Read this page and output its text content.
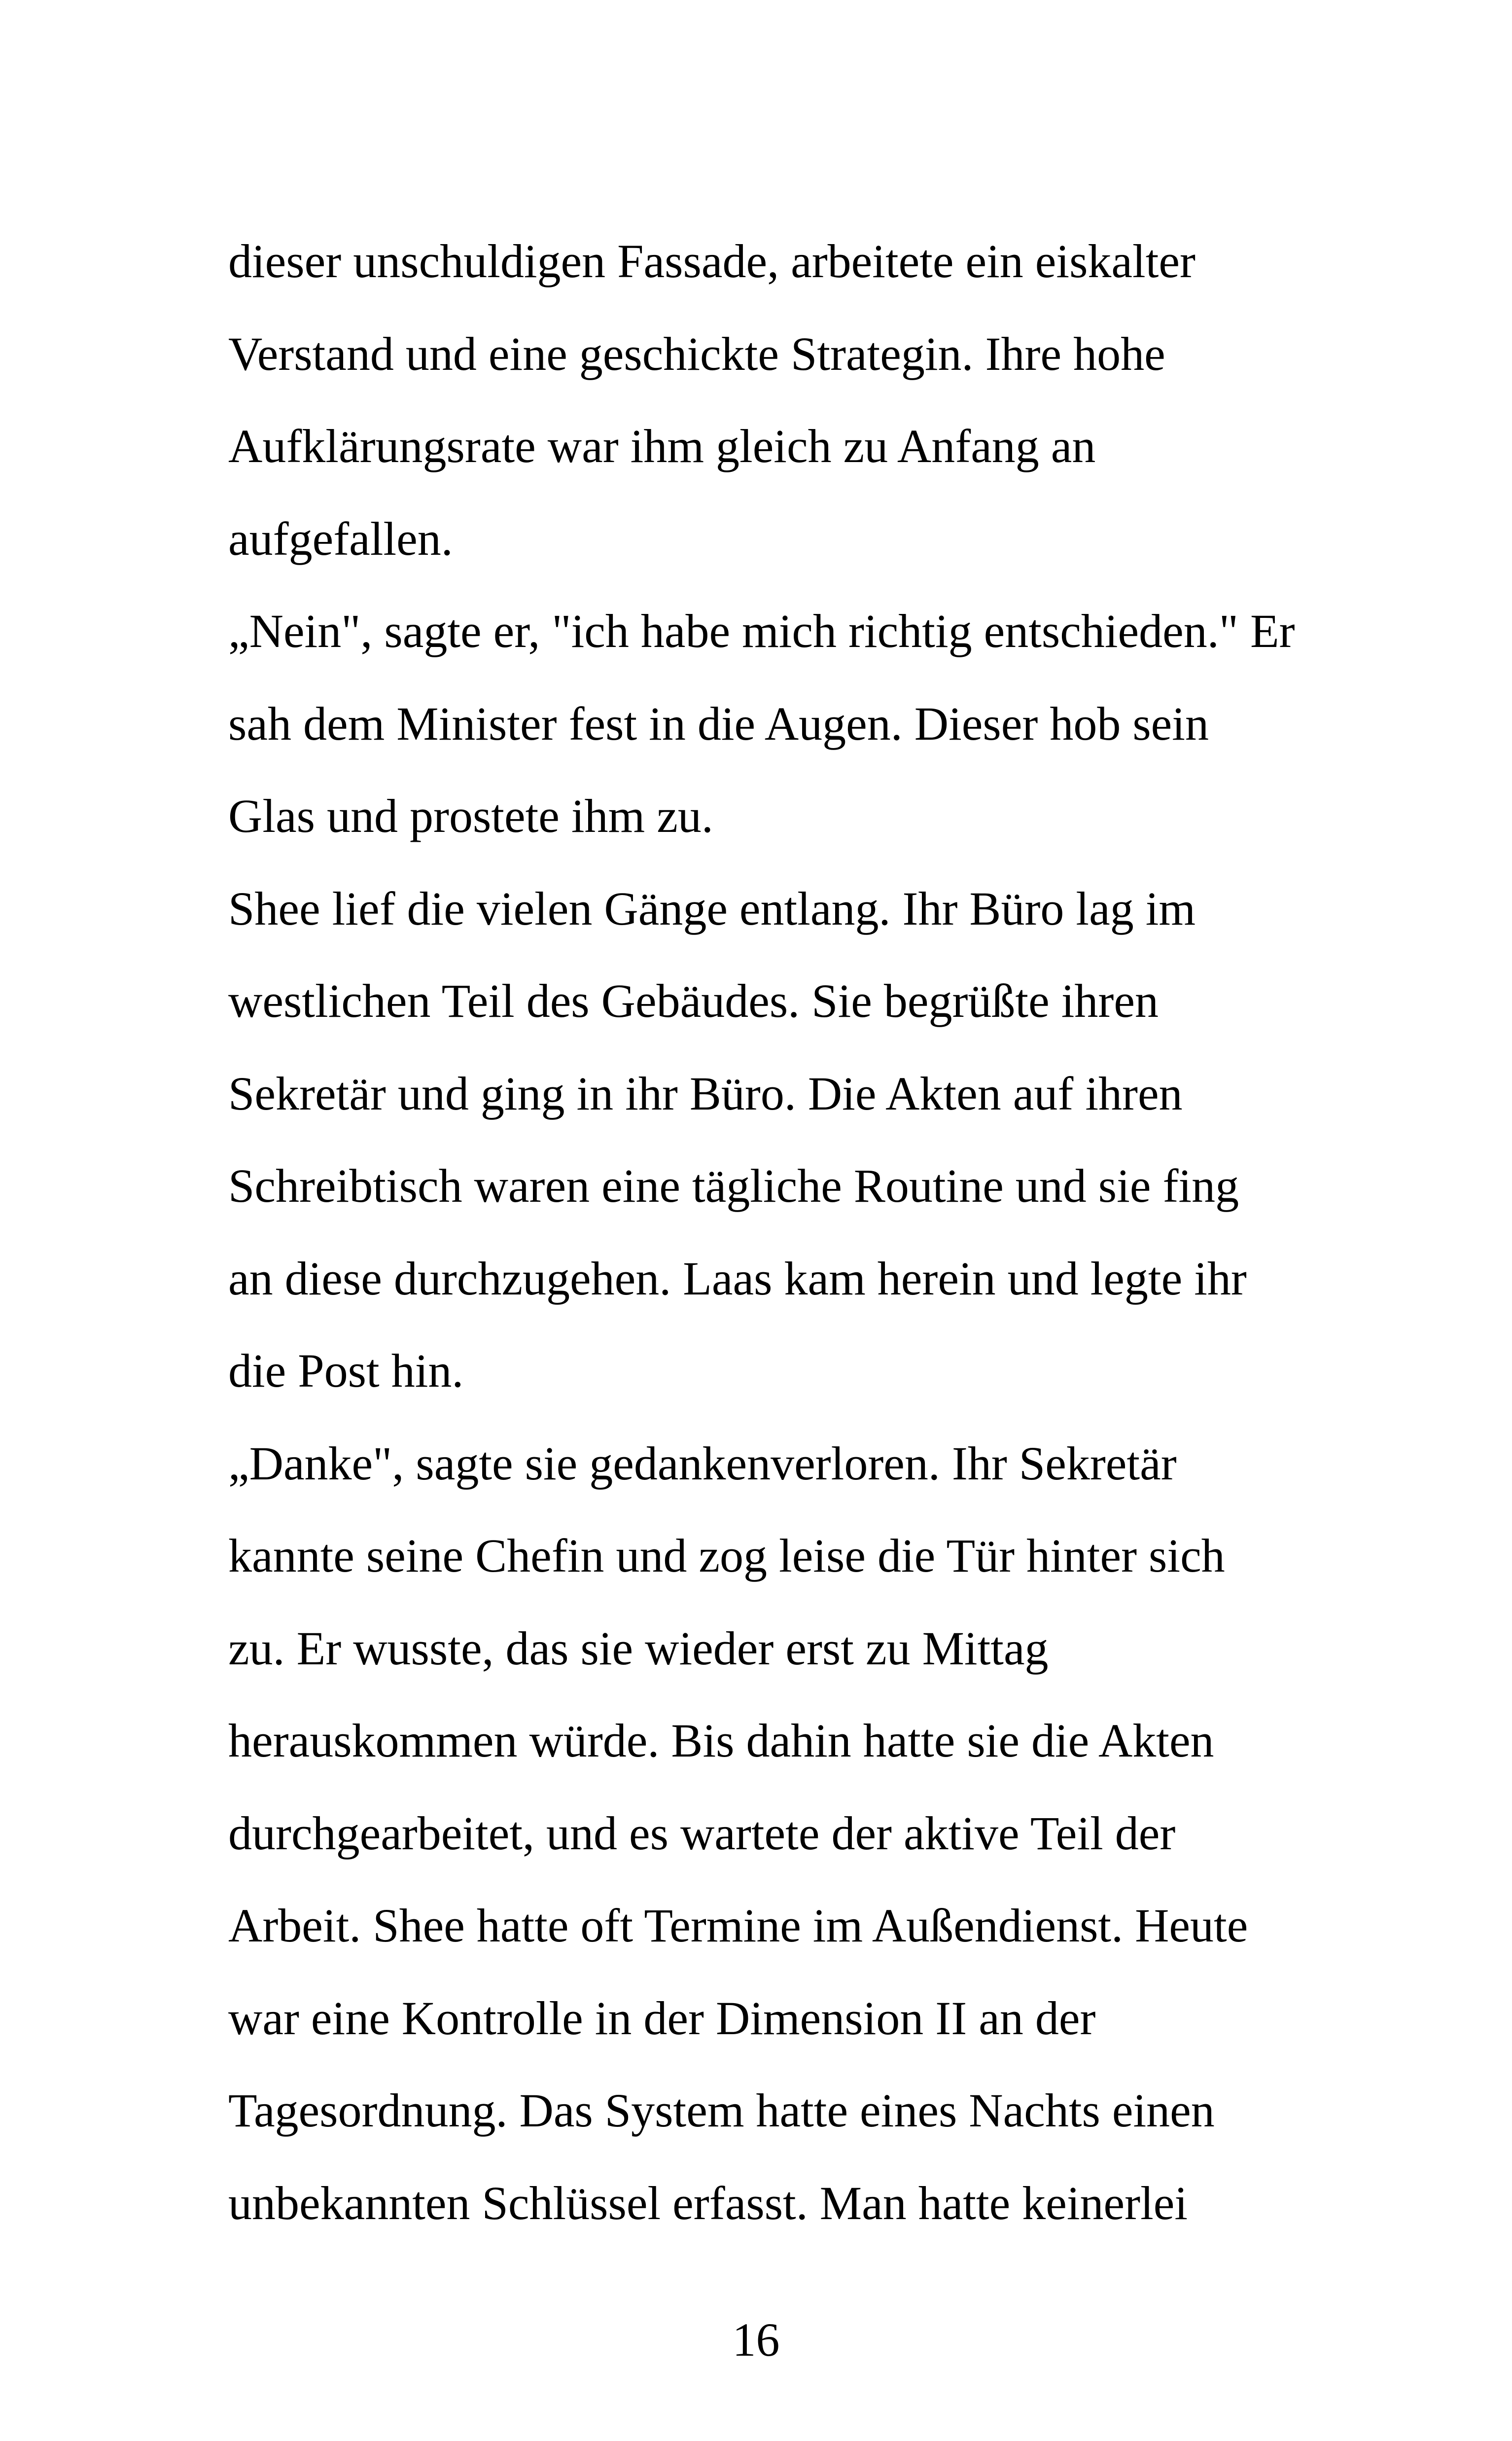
dieser unschuldigen Fassade, arbeitete ein eiskalter
Verstand und eine geschickte Strategin. Ihre hohe
Aufklärungsrate war ihm gleich zu Anfang an
aufgefallen.
„Nein", sagte er, "ich habe mich richtig entschieden." Er
sah dem Minister fest in die Augen. Dieser hob sein
Glas und prostete ihm zu.
Shee lief die vielen Gänge entlang. Ihr Büro lag im
westlichen Teil des Gebäudes. Sie begrüßte ihren
Sekretär und ging in ihr Büro. Die Akten auf ihren
Schreibtisch waren eine tägliche Routine und sie fing
an diese durchzugehen. Laas kam herein und legte ihr
die Post hin.
„Danke", sagte sie gedankenverloren. Ihr Sekretär
kannte seine Chefin und zog leise die Tür hinter sich
zu. Er wusste, das sie wieder erst zu Mittag
herauskommen würde. Bis dahin hatte sie die Akten
durchgearbeitet, und es wartete der aktive Teil der
Arbeit. Shee hatte oft Termine im Außendienst. Heute
war eine Kontrolle in der Dimension II an der
Tagesordnung. Das System hatte eines Nachts einen
unbekannten Schlüssel erfasst. Man hatte keinerlei
16
